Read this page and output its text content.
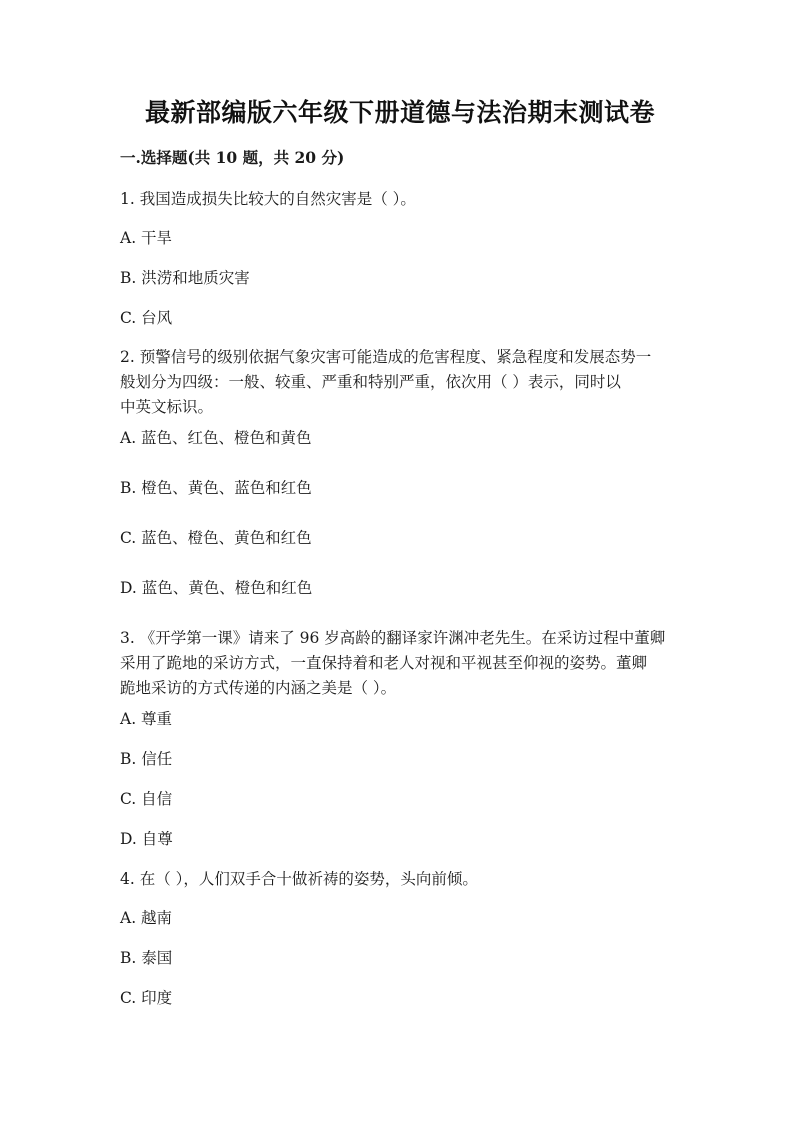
最新部编版六年级下册道德与法治期末测试卷
一.选择题(共 10 题，共 20 分)
1. 我国造成损失比较大的自然灾害是（ ）。
A. 干旱
B. 洪涝和地质灾害
C. 台风
2. 预警信号的级别依据气象灾害可能造成的危害程度、紧急程度和发展态势一
般划分为四级：一般、较重、严重和特别严重，依次用（ ）表示，同时以
中英文标识。
A. 蓝色、红色、橙色和黄色
B. 橙色、黄色、蓝色和红色
C. 蓝色、橙色、黄色和红色
D. 蓝色、黄色、橙色和红色
3. 《开学第一课》请来了 96 岁高龄的翻译家许渊冲老先生。在采访过程中董卿
采用了跪地的采访方式，一直保持着和老人对视和平视甚至仰视的姿势。董卿
跪地采访的方式传递的内涵之美是（ ）。
A. 尊重
B. 信任
C. 自信
D. 自尊
4. 在（ ），人们双手合十做祈祷的姿势，头向前倾。
A. 越南
B. 泰国
C. 印度
